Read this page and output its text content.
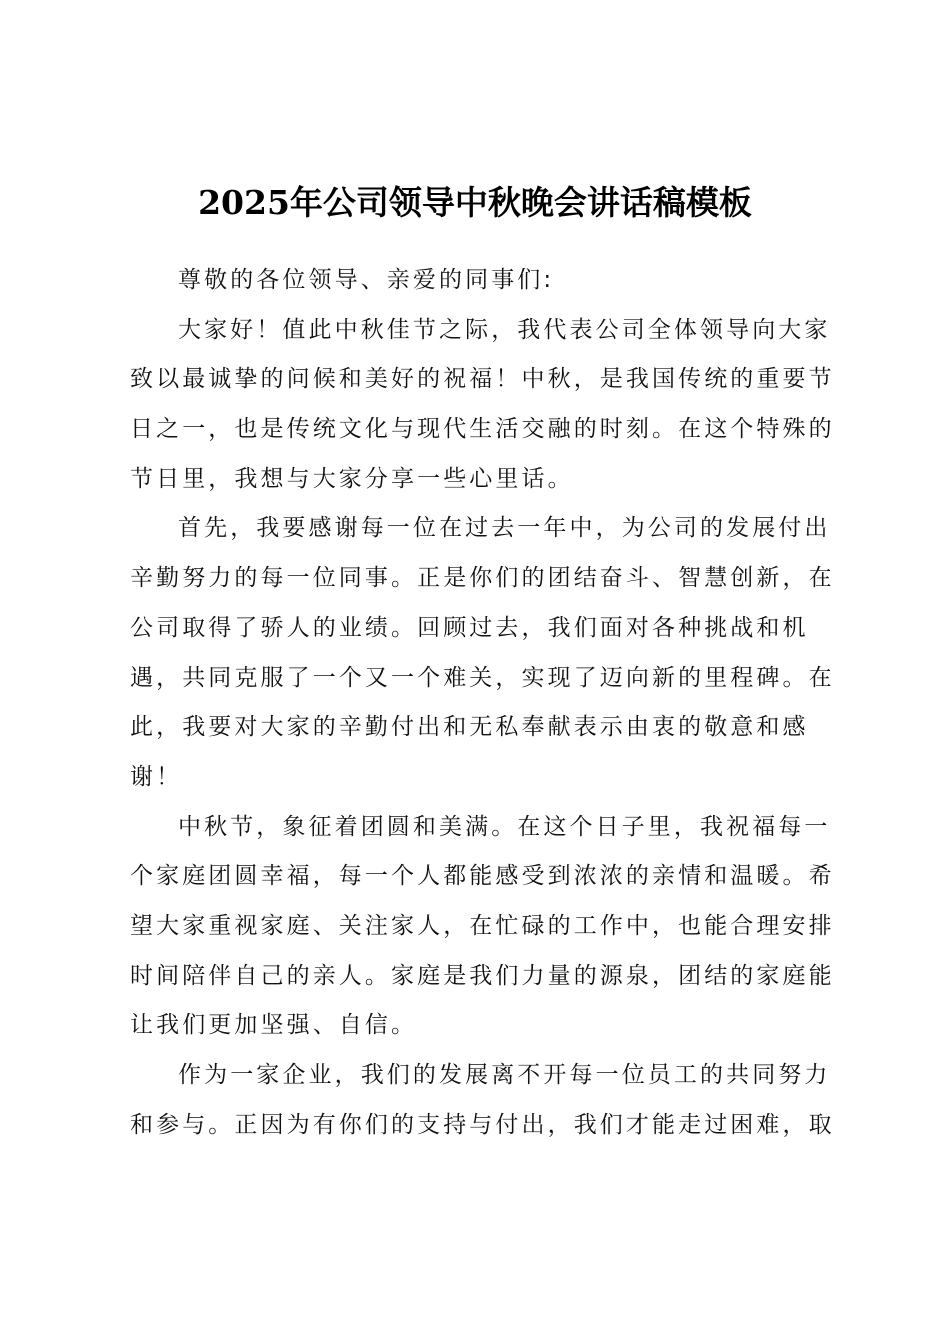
2025年公司领导中秋晚会讲话稿模板
尊敬的各位领导、亲爱的同事们:
大家好！值此中秋佳节之际，我代表公司全体领导向大家
致以最诚挚的问候和美好的祝福！中秋，是我国传统的重要节
日之一，也是传统文化与现代生活交融的时刻。在这个特殊的
节日里，我想与大家分享一些心里话。
首先，我要感谢每一位在过去一年中，为公司的发展付出
辛勤努力的每一位同事。正是你们的团结奋斗、智慧创新，在
公司取得了骄人的业绩。回顾过去，我们面对各种挑战和机
遇，共同克服了一个又一个难关，实现了迈向新的里程碑。在
此，我要对大家的辛勤付出和无私奉献表示由衷的敬意和感
谢！
中秋节，象征着团圆和美满。在这个日子里，我祝福每一
个家庭团圆幸福，每一个人都能感受到浓浓的亲情和温暖。希
望大家重视家庭、关注家人，在忙碌的工作中，也能合理安排
时间陪伴自己的亲人。家庭是我们力量的源泉，团结的家庭能
让我们更加坚强、自信。
作为一家企业，我们的发展离不开每一位员工的共同努力
和参与。正因为有你们的支持与付出，我们才能走过困难，取
